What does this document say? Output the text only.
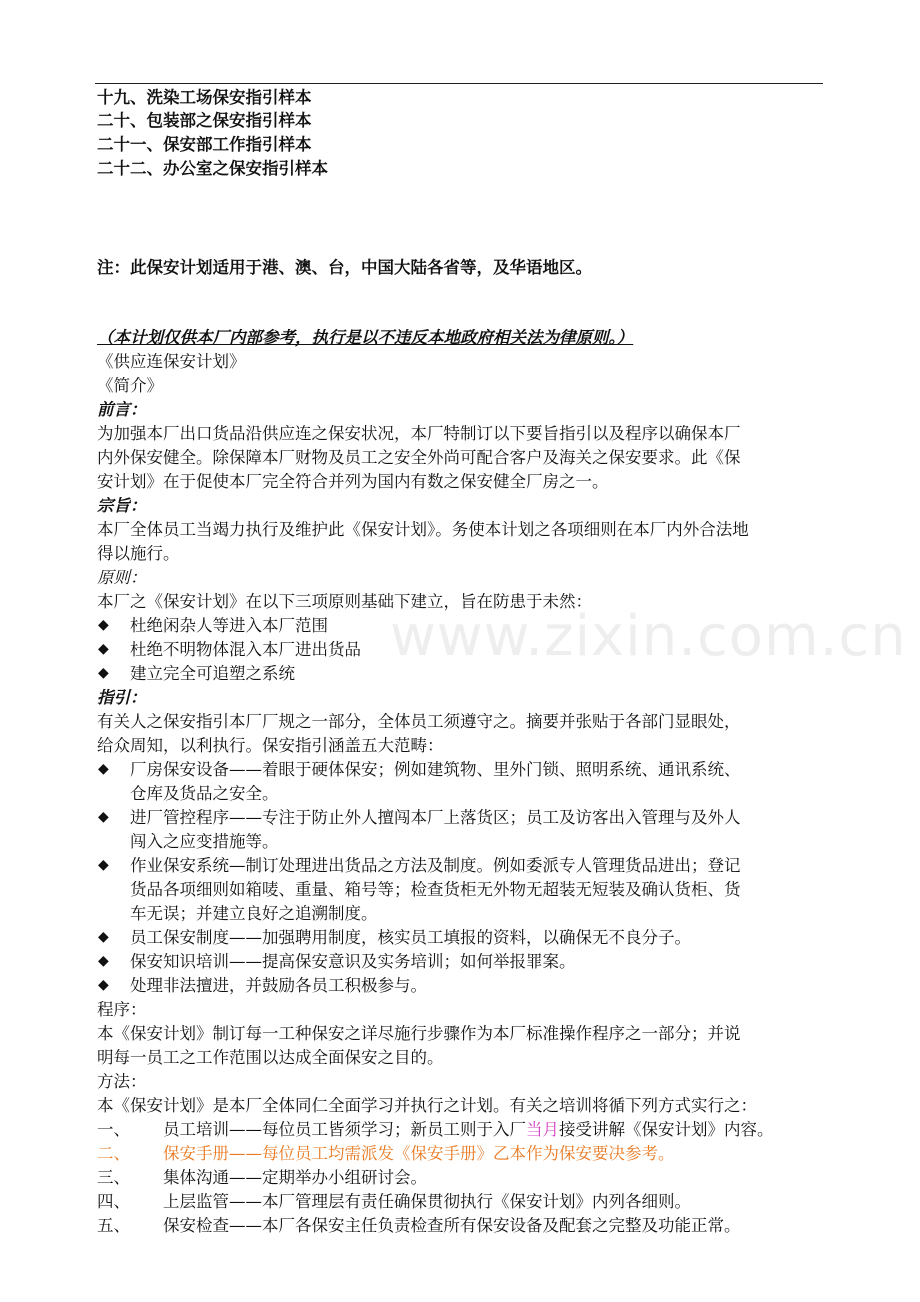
十九、洗染工场保安指引样本
二十、包装部之保安指引样本
二十一、保安部工作指引样本
二十二、办公室之保安指引样本
注：此保安计划适用于港、澳、台，中国大陆各省等，及华语地区。
（本计划仅供本厂内部参考，执行是以不违反本地政府相关法为律原则。）
《供应连保安计划》
《简介》
前言：
为加强本厂出口货品沿供应连之保安状况，本厂特制订以下要旨指引以及程序以确保本厂
内外保安健全。除保障本厂财物及员工之安全外尚可配合客户及海关之保安要求。此《保
安计划》在于促使本厂完全符合并列为国内有数之保安健全厂房之一。
宗旨：
本厂全体员工当竭力执行及维护此《保安计划》。务使本计划之各项细则在本厂内外合法地
得以施行。
原则：
本厂之《保安计划》在以下三项原则基础下建立，旨在防患于未然：
www.zixin.com.cn
◆	杜绝闲杂人等进入本厂范围
◆	杜绝不明物体混入本厂进出货品
◆	建立完全可追塑之系统
指引：
有关人之保安指引本厂厂规之一部分，全体员工须遵守之。摘要并张贴于各部门显眼处，
给众周知，以利执行。保安指引涵盖五大范畴：
◆	厂房保安设备——着眼于硬体保安；例如建筑物、里外门锁、照明系统、通讯系统、
仓库及货品之安全。
◆	进厂管控程序——专注于防止外人擅闯本厂上落货区；员工及访客出入管理与及外人
闯入之应变措施等。
◆	作业保安系统—制订处理进出货品之方法及制度。例如委派专人管理货品进出；登记
货品各项细则如箱唛、重量、箱号等；检查货柜无外物无超装无短装及确认货柜、货
车无误；并建立良好之追溯制度。
◆	员工保安制度——加强聘用制度，核实员工填报的资料，以确保无不良分子。
◆	保安知识培训——提高保安意识及实务培训；如何举报罪案。
◆	处理非法擅进，并鼓励各员工积极参与。
程序：
本《保安计划》制订每一工种保安之详尽施行步骤作为本厂标准操作程序之一部分；并说
明每一员工之工作范围以达成全面保安之目的。
方法：
本《保安计划》是本厂全体同仁全面学习并执行之计划。有关之培训将循下列方式实行之：
一、 员工培训——每位员工皆须学习；新员工则于入厂当月接受讲解《保安计划》内容。
二、 保安手册——每位员工均需派发《保安手册》乙本作为保安要决参考。
三、 集体沟通——定期举办小组研讨会。
四、 上层监管——本厂管理层有责任确保贯彻执行《保安计划》内列各细则。
五、 保安检查——本厂各保安主任负责检查所有保安设备及配套之完整及功能正常。
